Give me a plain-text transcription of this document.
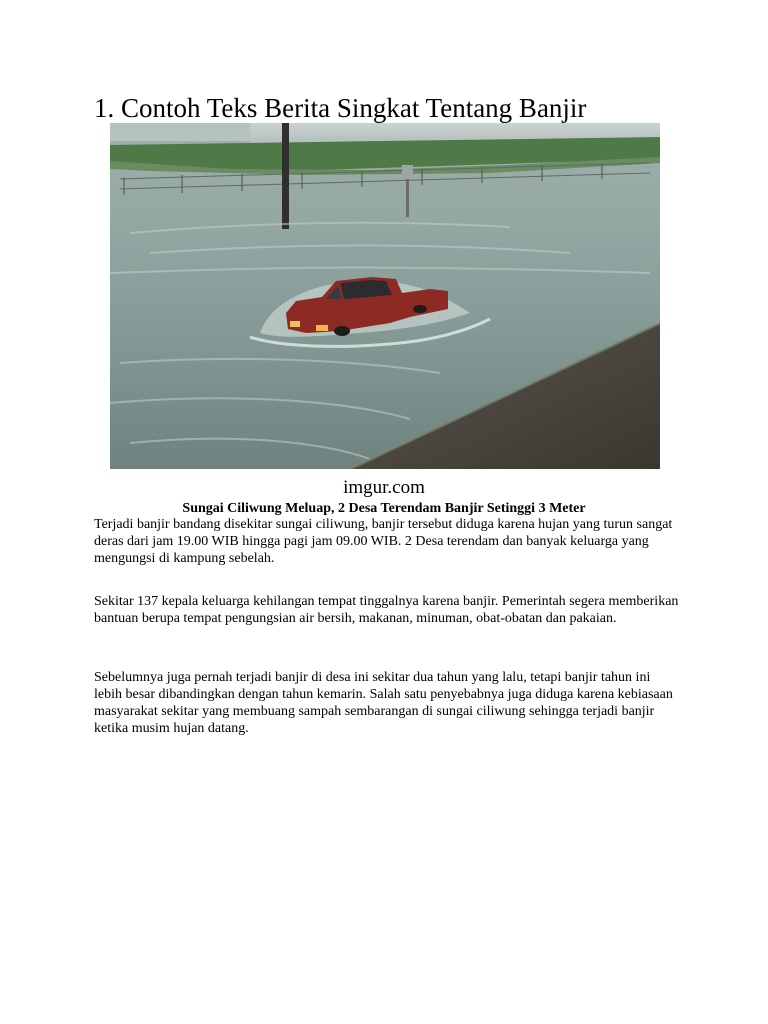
1. Contoh Teks Berita Singkat Tentang Banjir
imgur.com
Sungai Ciliwung Meluap, 2 Desa Terendam Banjir Setinggi 3 Meter

Terjadi banjir bandang disekitar sungai ciliwung, banjir tersebut diduga karena hujan yang turun sangat deras dari jam 19.00 WIB hingga pagi jam 09.00 WIB. 2 Desa terendam dan banyak keluarga yang mengungsi di kampung sebelah.

Sekitar 137 kepala keluarga kehilangan tempat tinggalnya karena banjir. Pemerintah segera memberikan bantuan berupa tempat pengungsian air bersih, makanan, minuman, obat-obatan dan pakaian.

Sebelumnya juga pernah terjadi banjir di desa ini sekitar dua tahun yang lalu, tetapi banjir tahun ini lebih besar dibandingkan dengan tahun kemarin. Salah satu penyebabnya juga diduga karena kebiasaan masyarakat sekitar yang membuang sampah sembarangan di sungai ciliwung sehingga terjadi banjir ketika musim hujan datang.
